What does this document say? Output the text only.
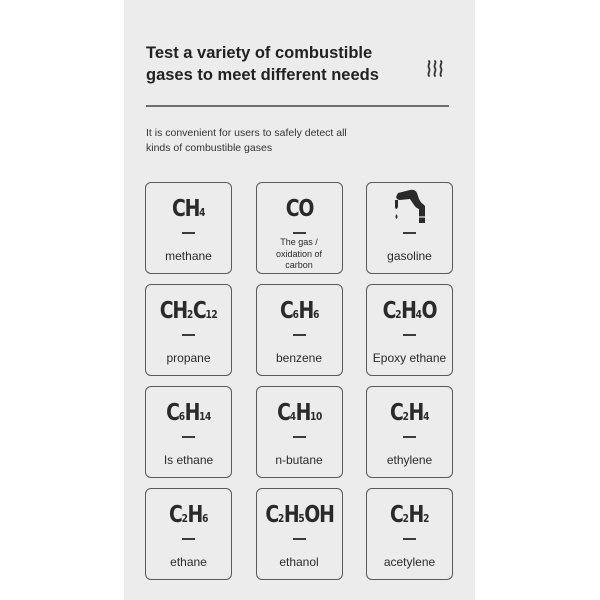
Test a variety of combustible
gases to meet different needs
It is convenient for users to safely detect all
kinds of combustible gases
CH4
methane
CO
The gas /
oxidation of
carbon
gasoline
CH2C12
propane
C6H6
benzene
C2H4O
Epoxy ethane
C6H14
Is ethane
C4H10
n-butane
C2H4
ethylene
C2H6
ethane
C2H5OH
ethanol
C2H2
acetylene
